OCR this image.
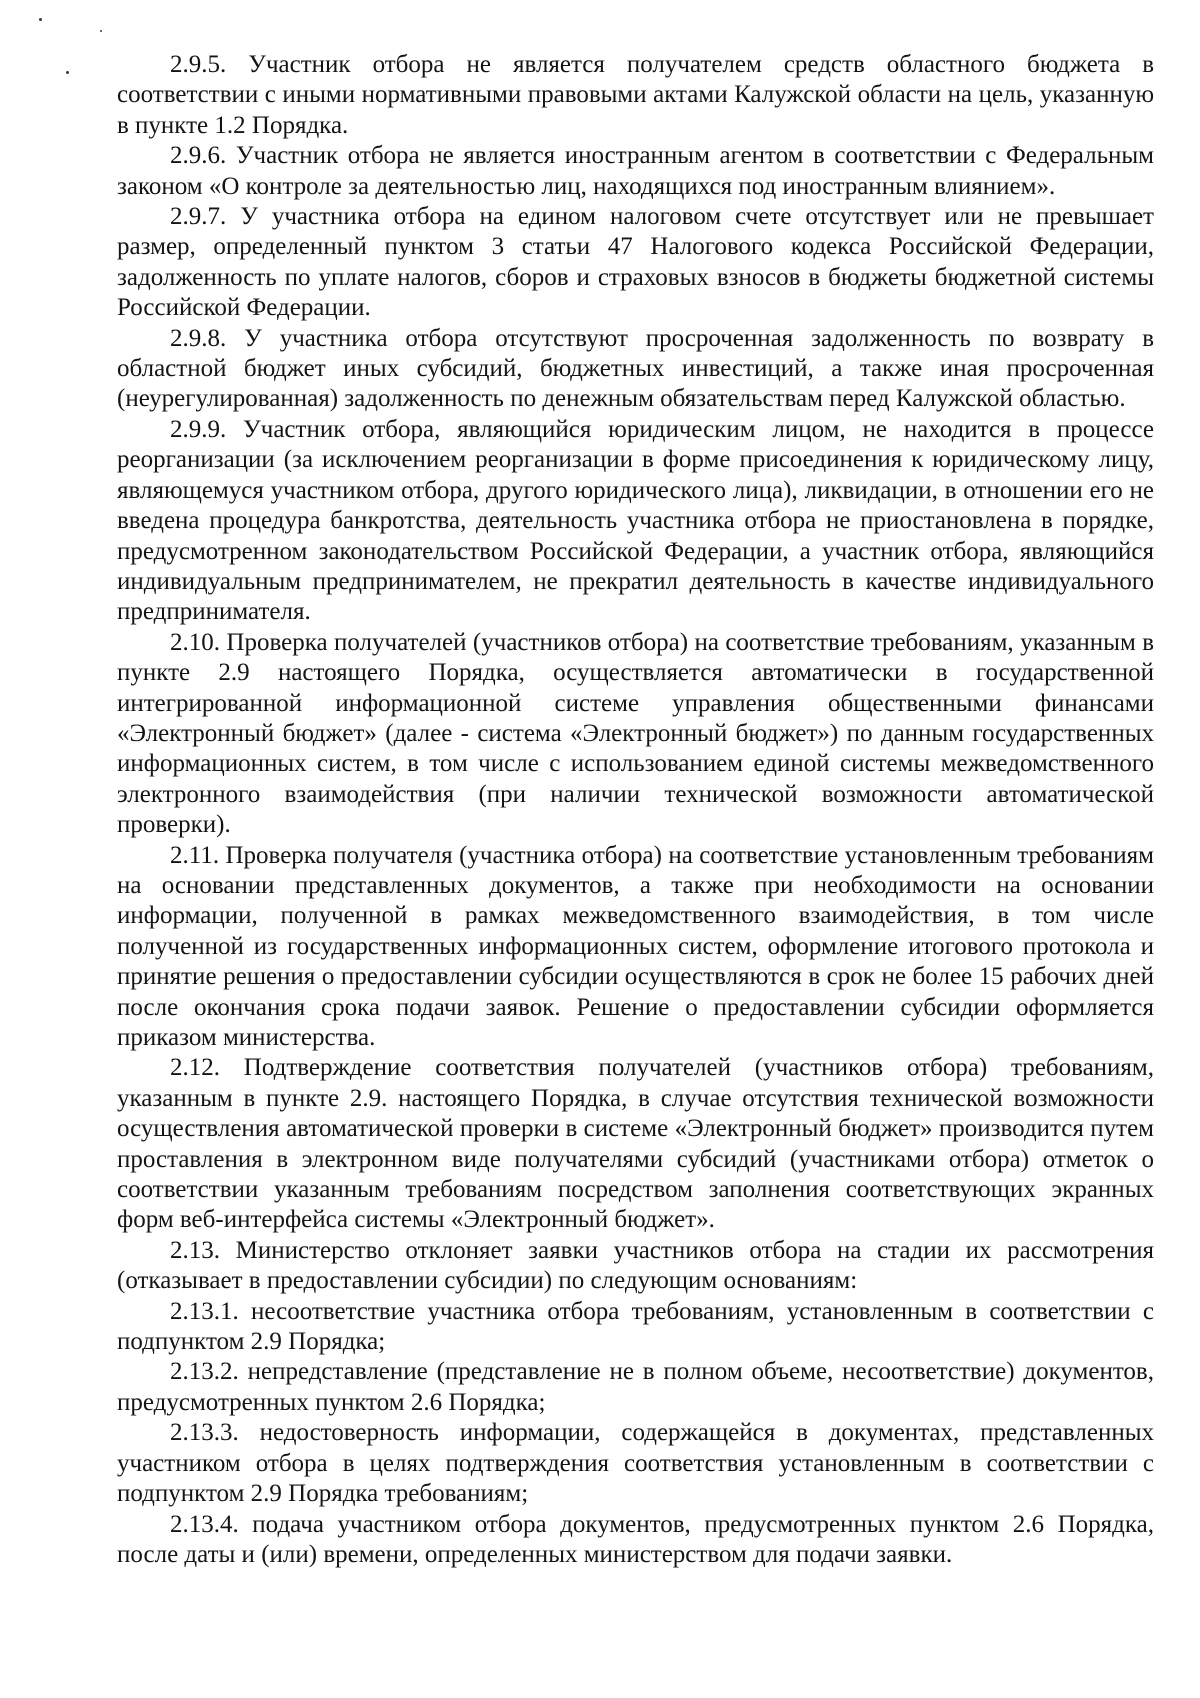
2.9.5. Участник отбора не является получателем средств областного бюджета в соответствии с иными нормативными правовыми актами Калужской области на цель, указанную в пункте 1.2 Порядка.

2.9.6. Участник отбора не является иностранным агентом в соответствии с Федеральным законом «О контроле за деятельностью лиц, находящихся под иностранным влиянием».

2.9.7. У участника отбора на едином налоговом счете отсутствует или не превышает размер, определенный пунктом 3 статьи 47 Налогового кодекса Российской Федерации, задолженность по уплате налогов, сборов и страховых взносов в бюджеты бюджетной системы Российской Федерации.

2.9.8. У участника отбора отсутствуют просроченная задолженность по возврату в областной бюджет иных субсидий, бюджетных инвестиций, а также иная просроченная (неурегулированная) задолженность по денежным обязательствам перед Калужской областью.

2.9.9. Участник отбора, являющийся юридическим лицом, не находится в процессе реорганизации (за исключением реорганизации в форме присоединения к юридическому лицу, являющемуся участником отбора, другого юридического лица), ликвидации, в отношении его не введена процедура банкротства, деятельность участника отбора не приостановлена в порядке, предусмотренном законодательством Российской Федерации, а участник отбора, являющийся индивидуальным предпринимателем, не прекратил деятельность в качестве индивидуального предпринимателя.

2.10. Проверка получателей (участников отбора) на соответствие требованиям, указанным в пункте 2.9 настоящего Порядка, осуществляется автоматически в государственной интегрированной информационной системе управления общественными финансами «Электронный бюджет» (далее - система «Электронный бюджет») по данным государственных информационных систем, в том числе с использованием единой системы межведомственного электронного взаимодействия (при наличии технической возможности автоматической проверки).

2.11. Проверка получателя (участника отбора) на соответствие установленным требованиям на основании представленных документов, а также при необходимости на основании информации, полученной в рамках межведомственного взаимодействия, в том числе полученной из государственных информационных систем, оформление итогового протокола и принятие решения о предоставлении субсидии осуществляются в срок не более 15 рабочих дней после окончания срока подачи заявок. Решение о предоставлении субсидии оформляется приказом министерства.

2.12. Подтверждение соответствия получателей (участников отбора) требованиям, указанным в пункте 2.9. настоящего Порядка, в случае отсутствия технической возможности осуществления автоматической проверки в системе «Электронный бюджет» производится путем проставления в электронном виде получателями субсидий (участниками отбора) отметок о соответствии указанным требованиям посредством заполнения соответствующих экранных форм веб-интерфейса системы «Электронный бюджет».

2.13. Министерство отклоняет заявки участников отбора на стадии их рассмотрения (отказывает в предоставлении субсидии) по следующим основаниям:

2.13.1. несоответствие участника отбора требованиям, установленным в соответствии с подпунктом 2.9 Порядка;

2.13.2. непредставление (представление не в полном объеме, несоответствие) документов, предусмотренных пунктом 2.6 Порядка;

2.13.3. недостоверность информации, содержащейся в документах, представленных участником отбора в целях подтверждения соответствия установленным в соответствии с подпунктом 2.9 Порядка требованиям;

2.13.4. подача участником отбора документов, предусмотренных пунктом 2.6 Порядка, после даты и (или) времени, определенных министерством для подачи заявки.
